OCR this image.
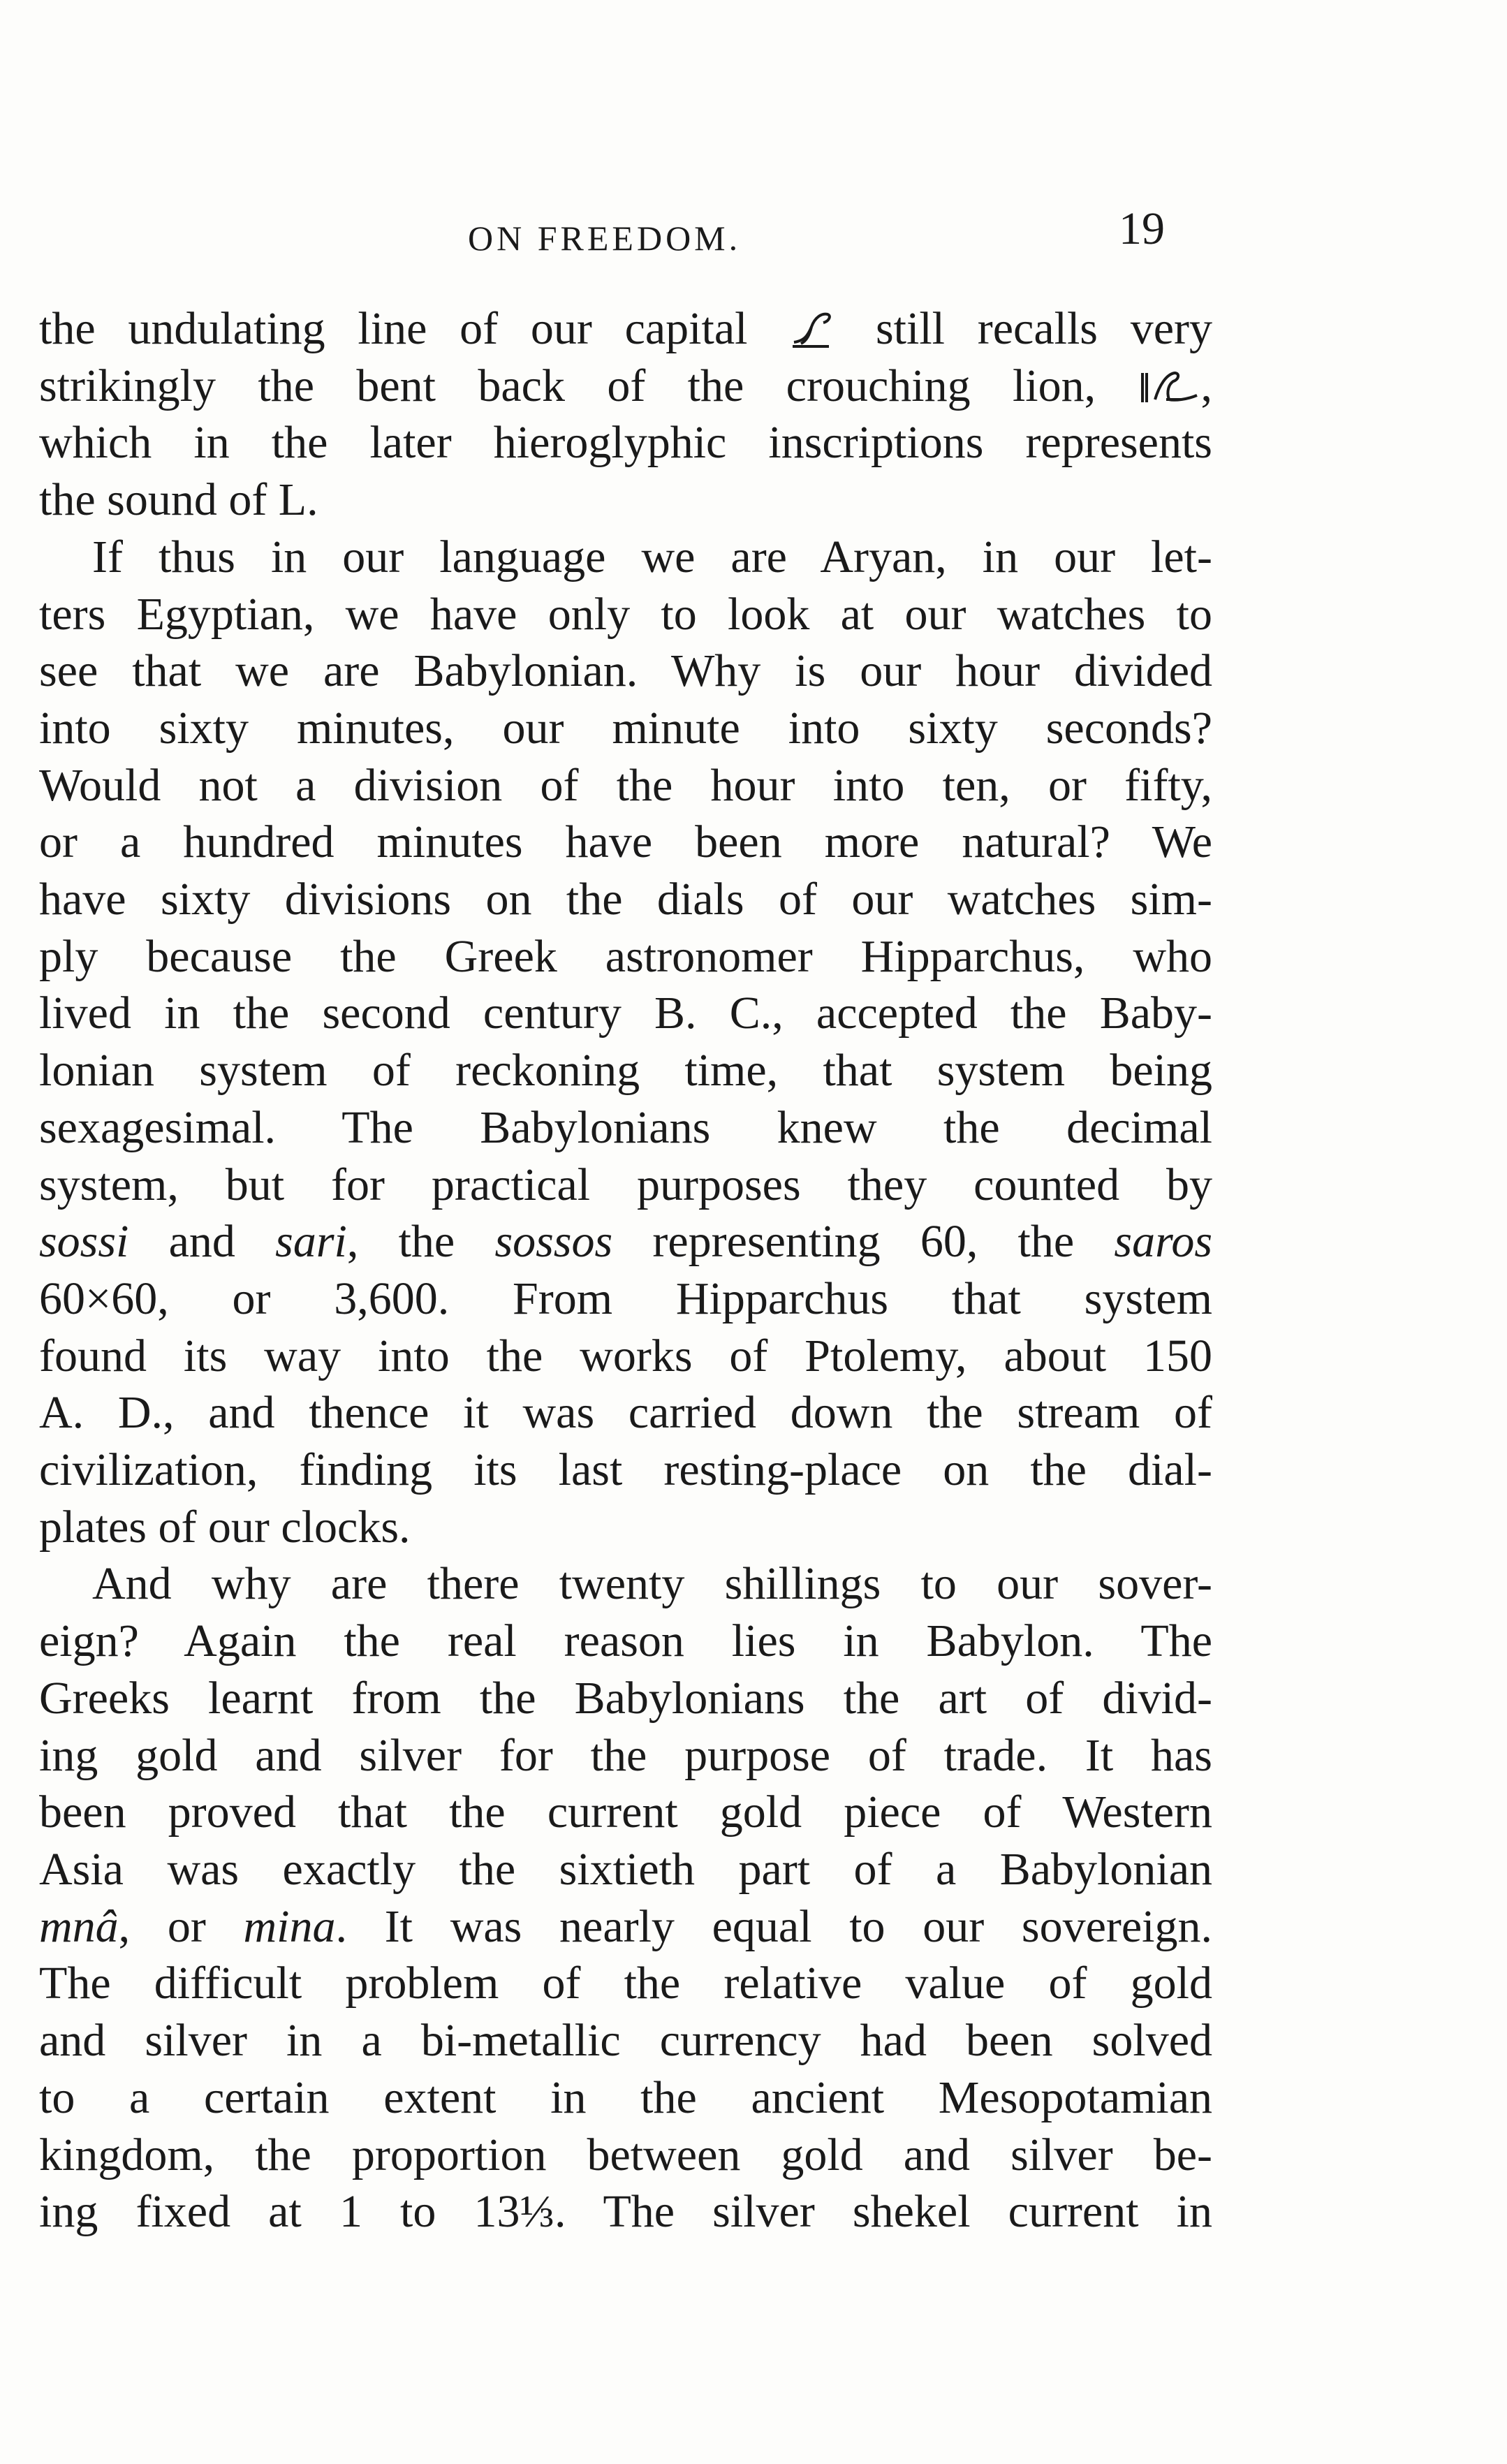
ON FREEDOM.	19
the undulating line of our capital  still recalls very
strikingly the bent back of the crouching lion, ,
which in the later hieroglyphic inscriptions represents
the sound of L.
If thus in our language we are Aryan, in our let-
ters Egyptian, we have only to look at our watches to
see that we are Babylonian. Why is our hour divided
into sixty minutes, our minute into sixty seconds?
Would not a division of the hour into ten, or fifty,
or a hundred minutes have been more natural? We
have sixty divisions on the dials of our watches sim-
ply because the Greek astronomer Hipparchus, who
lived in the second century B. C., accepted the Baby-
lonian system of reckoning time, that system being
sexagesimal. The Babylonians knew the decimal
system, but for practical purposes they counted by
sossi and sari, the sossos representing 60, the saros
60×60, or 3,600. From Hipparchus that system
found its way into the works of Ptolemy, about 150
A. D., and thence it was carried down the stream of
civilization, finding its last resting-place on the dial-
plates of our clocks.
And why are there twenty shillings to our sover-
eign? Again the real reason lies in Babylon. The
Greeks learnt from the Babylonians the art of divid-
ing gold and silver for the purpose of trade. It has
been proved that the current gold piece of Western
Asia was exactly the sixtieth part of a Babylonian
mnâ, or mina. It was nearly equal to our sovereign.
The difficult problem of the relative value of gold
and silver in a bi-metallic currency had been solved
to a certain extent in the ancient Mesopotamian
kingdom, the proportion between gold and silver be-
ing fixed at 1 to 13⅓. The silver shekel current in
